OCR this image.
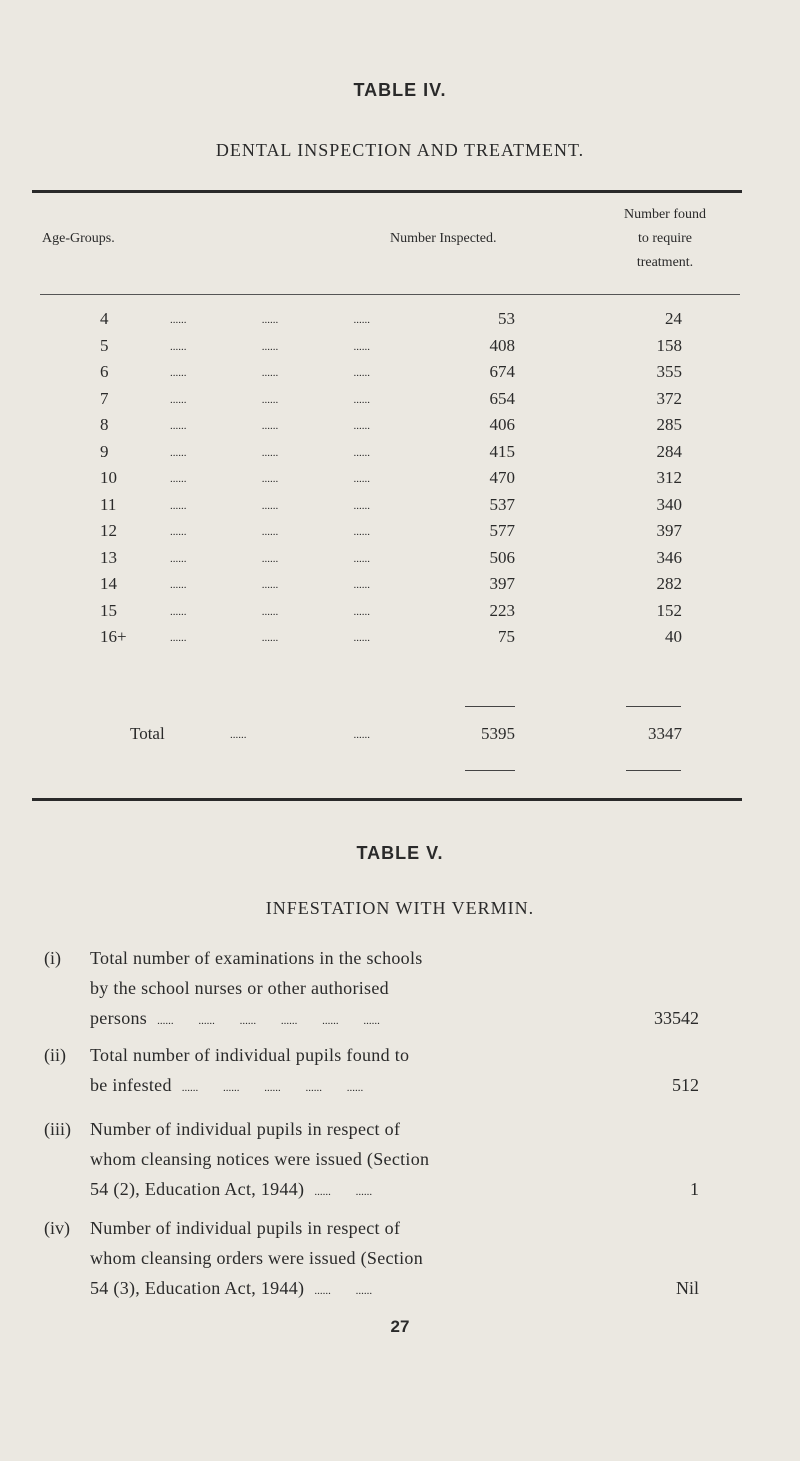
TABLE IV.
DENTAL INSPECTION AND TREATMENT.
Age-Groups.	Number Inspected.
Number found
to require
treatment.
4	......	......	......	53	24
5	......	......	......	408	158
6	......	......	......	674	355
7	......	......	......	654	372
8	......	......	......	406	285
9	......	......	......	415	284
10	......	......	......	470	312
11	......	......	......	537	340
12	......	......	......	577	397
13	......	......	......	506	346
14	......	......	......	397	282
15	......	......	......	223	152
16+	......	......	......	75	40
Total	......	......	5395	3347
TABLE V.
INFESTATION WITH VERMIN.
(i)	Total number of examinations in the schools
by the school nurses or other authorised
persons ...... ...... ...... ...... ...... ......	33542
(ii)	Total number of individual pupils found to
be infested ...... ...... ...... ...... ......	512
(iii)	Number of individual pupils in respect of
whom cleansing notices were issued (Section
54 (2), Education Act, 1944) ...... ......	1
(iv)	Number of individual pupils in respect of
whom cleansing orders were issued (Section
54 (3), Education Act, 1944) ...... ......	Nil
27
